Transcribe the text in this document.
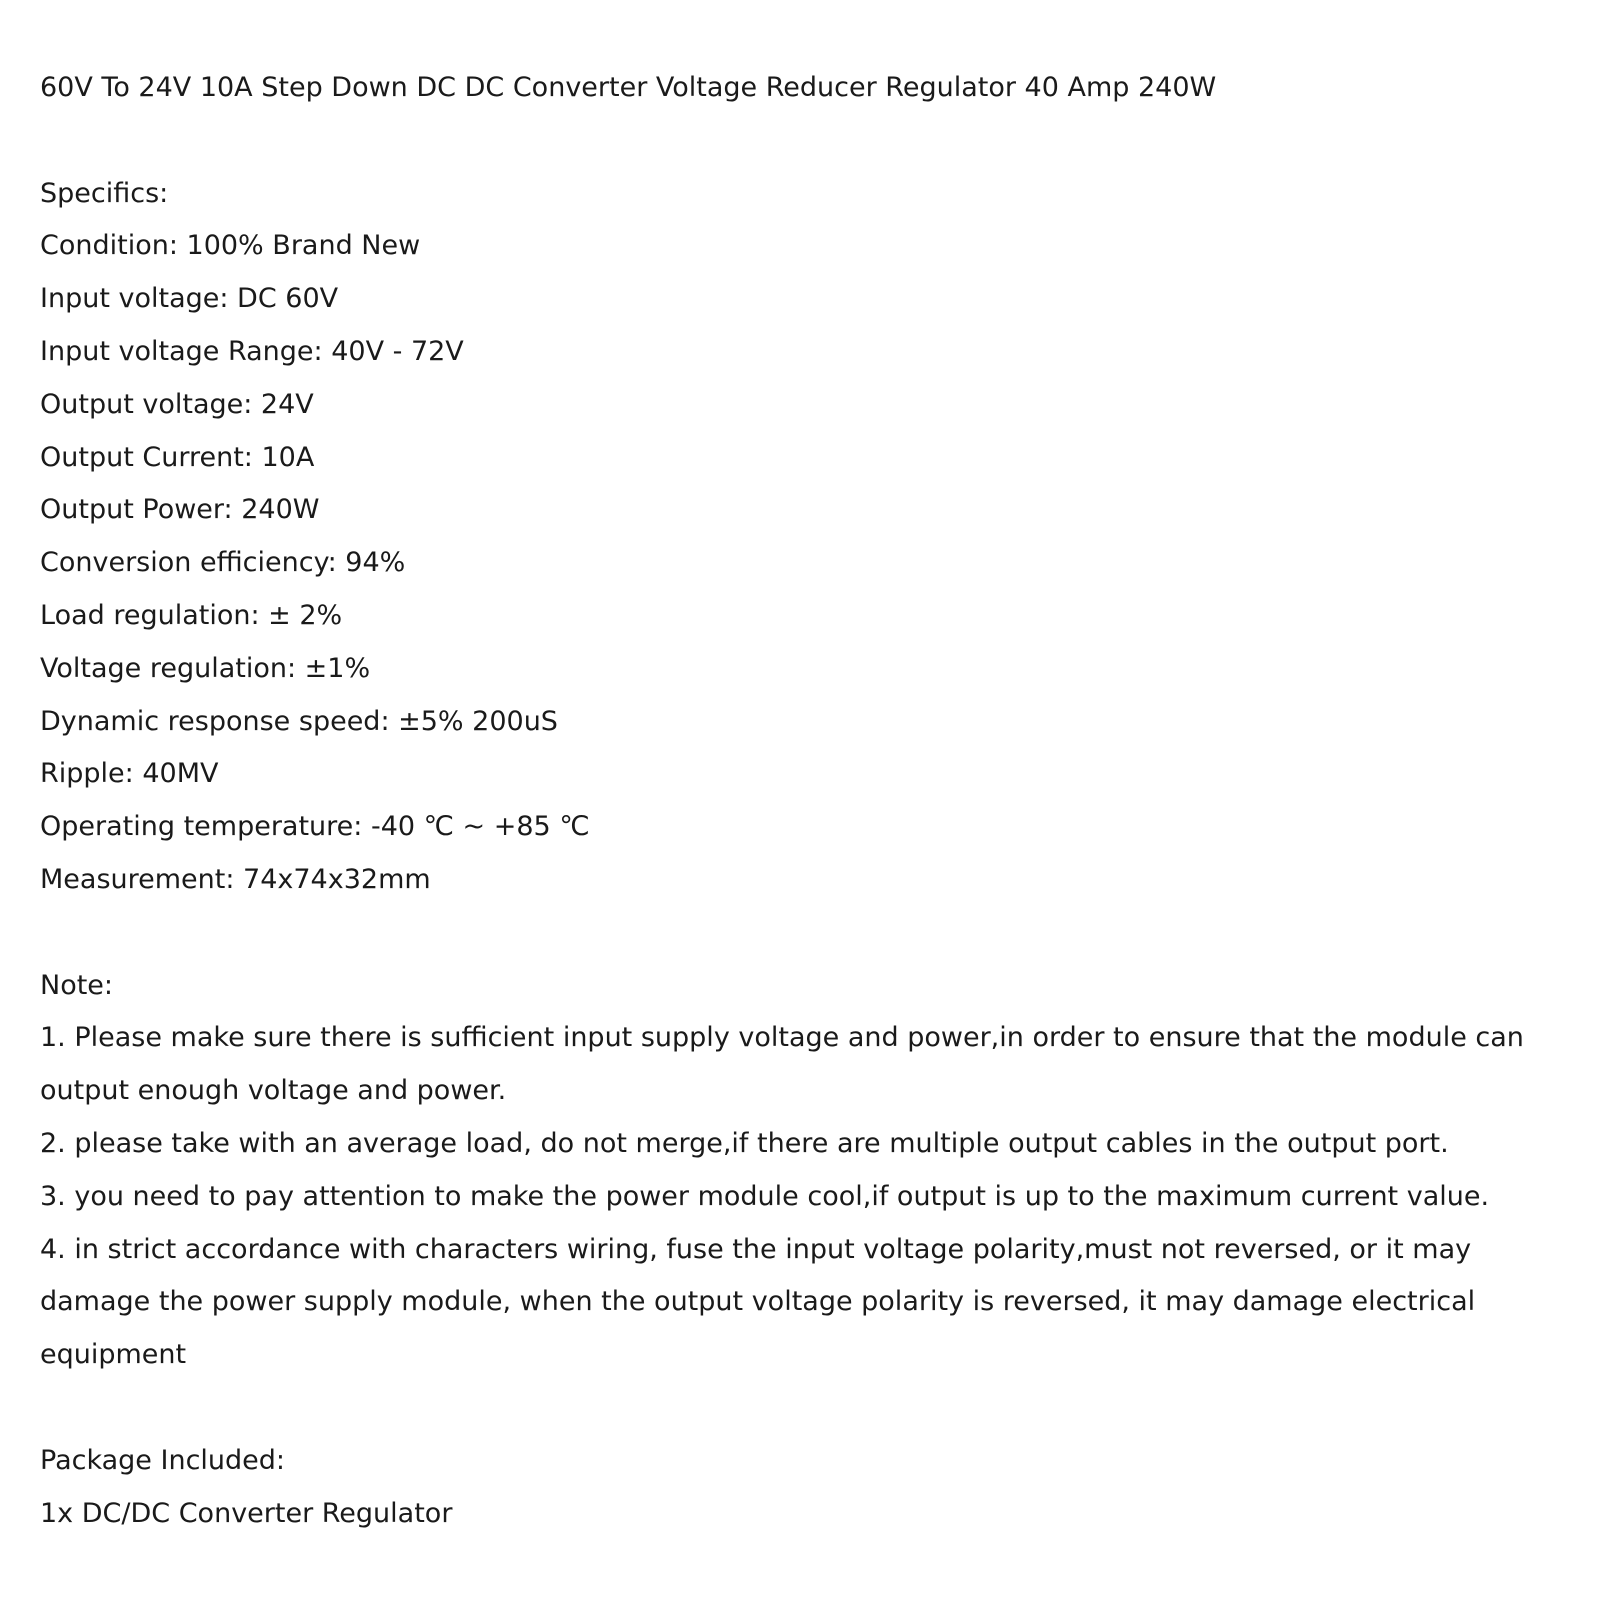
60V To 24V 10A Step Down DC DC Converter Voltage Reducer Regulator 40 Amp 240W
Specifics:
Condition: 100% Brand New
Input voltage: DC 60V
Input voltage Range: 40V - 72V
Output voltage: 24V
Output Current: 10A
Output Power: 240W
Conversion efficiency: 94%
Load regulation: ± 2%
Voltage regulation: ±1%
Dynamic response speed: ±5% 200uS
Ripple: 40MV
Operating temperature: -40 ℃ ~ +85 ℃
Measurement: 74x74x32mm
Note:
1. Please make sure there is sufficient input supply voltage and power,in order to ensure that the module can output enough voltage and power.
2. please take with an average load, do not merge,if there are multiple output cables in the output port.
3. you need to pay attention to make the power module cool,if output is up to the maximum current value.
4. in strict accordance with characters wiring, fuse the input voltage polarity,must not reversed, or it may damage the power supply module, when the output voltage polarity is reversed, it may damage electrical equipment
Package Included:
1x DC/DC Converter Regulator
